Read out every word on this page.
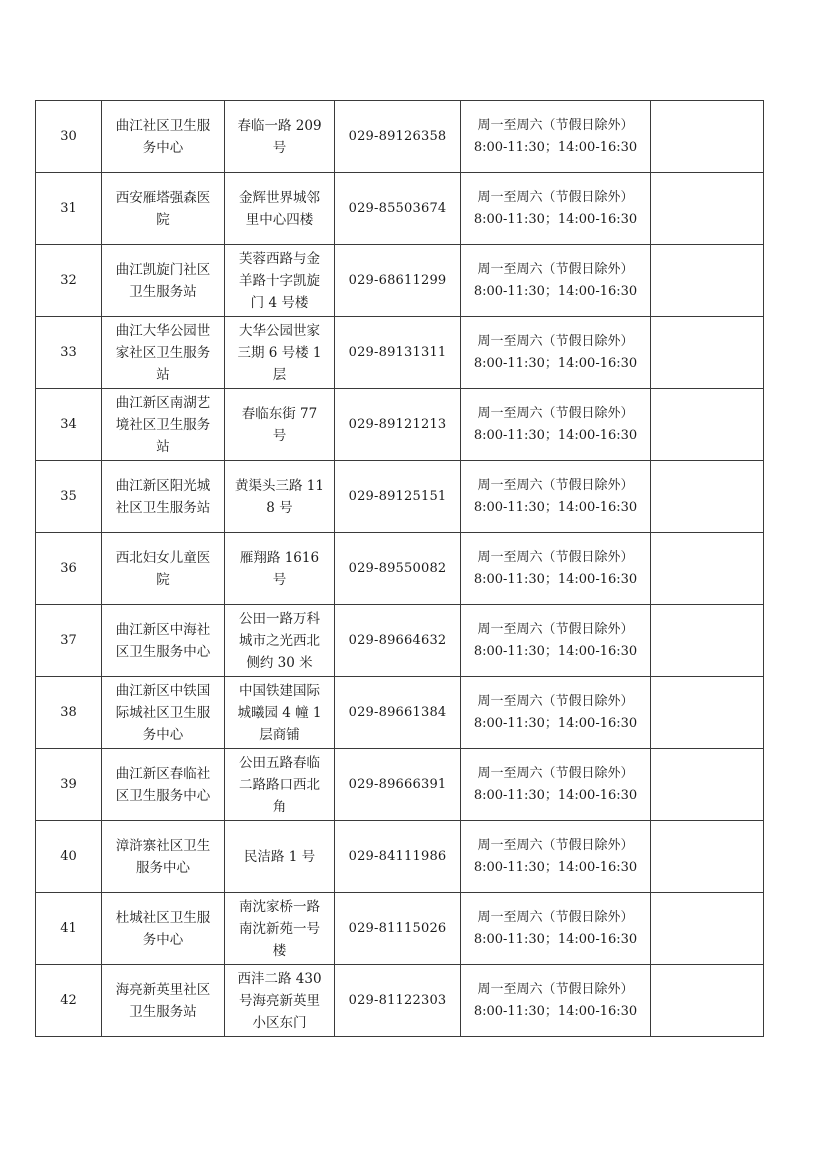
30	曲江社区卫生服务中心	春临一路 209 号	029-89126358	周一至周六（节假日除外）
8:00-11:30；14:00-16:30	

31	西安雁塔强森医院	金辉世界城邻里中心四楼	029-85503674	周一至周六（节假日除外）
8:00-11:30；14:00-16:30	

32	曲江凯旋门社区卫生服务站	芙蓉西路与金羊路十字凯旋门 4 号楼	029-68611299	周一至周六（节假日除外）
8:00-11:30；14:00-16:30	

33	曲江大华公园世家社区卫生服务站	大华公园世家三期 6 号楼 1 层	029-89131311	周一至周六（节假日除外）
8:00-11:30；14:00-16:30	

34	曲江新区南湖艺境社区卫生服务站	春临东街 77 号	029-89121213	周一至周六（节假日除外）
8:00-11:30；14:00-16:30	

35	曲江新区阳光城社区卫生服务站	黄渠头三路 118 号	029-89125151	周一至周六（节假日除外）
8:00-11:30；14:00-16:30	

36	西北妇女儿童医院	雁翔路 1616 号	029-89550082	周一至周六（节假日除外）
8:00-11:30；14:00-16:30	

37	曲江新区中海社区卫生服务中心	公田一路万科城市之光西北侧约 30 米	029-89664632	周一至周六（节假日除外）
8:00-11:30；14:00-16:30	

38	曲江新区中铁国际城社区卫生服务中心	中国铁建国际城曦园 4 幢 1 层商铺	029-89661384	周一至周六（节假日除外）
8:00-11:30；14:00-16:30	

39	曲江新区春临社区卫生服务中心	公田五路春临二路路口西北角	029-89666391	周一至周六（节假日除外）
8:00-11:30；14:00-16:30	

40	漳浒寨社区卫生服务中心	民洁路 1 号	029-84111986	周一至周六（节假日除外）
8:00-11:30；14:00-16:30	

41	杜城社区卫生服务中心	南沈家桥一路南沈新苑一号楼	029-81115026	周一至周六（节假日除外）
8:00-11:30；14:00-16:30	

42	海亮新英里社区卫生服务站	西沣二路 430 号海亮新英里小区东门	029-81122303	周一至周六（节假日除外）
8:00-11:30；14:00-16:30	
